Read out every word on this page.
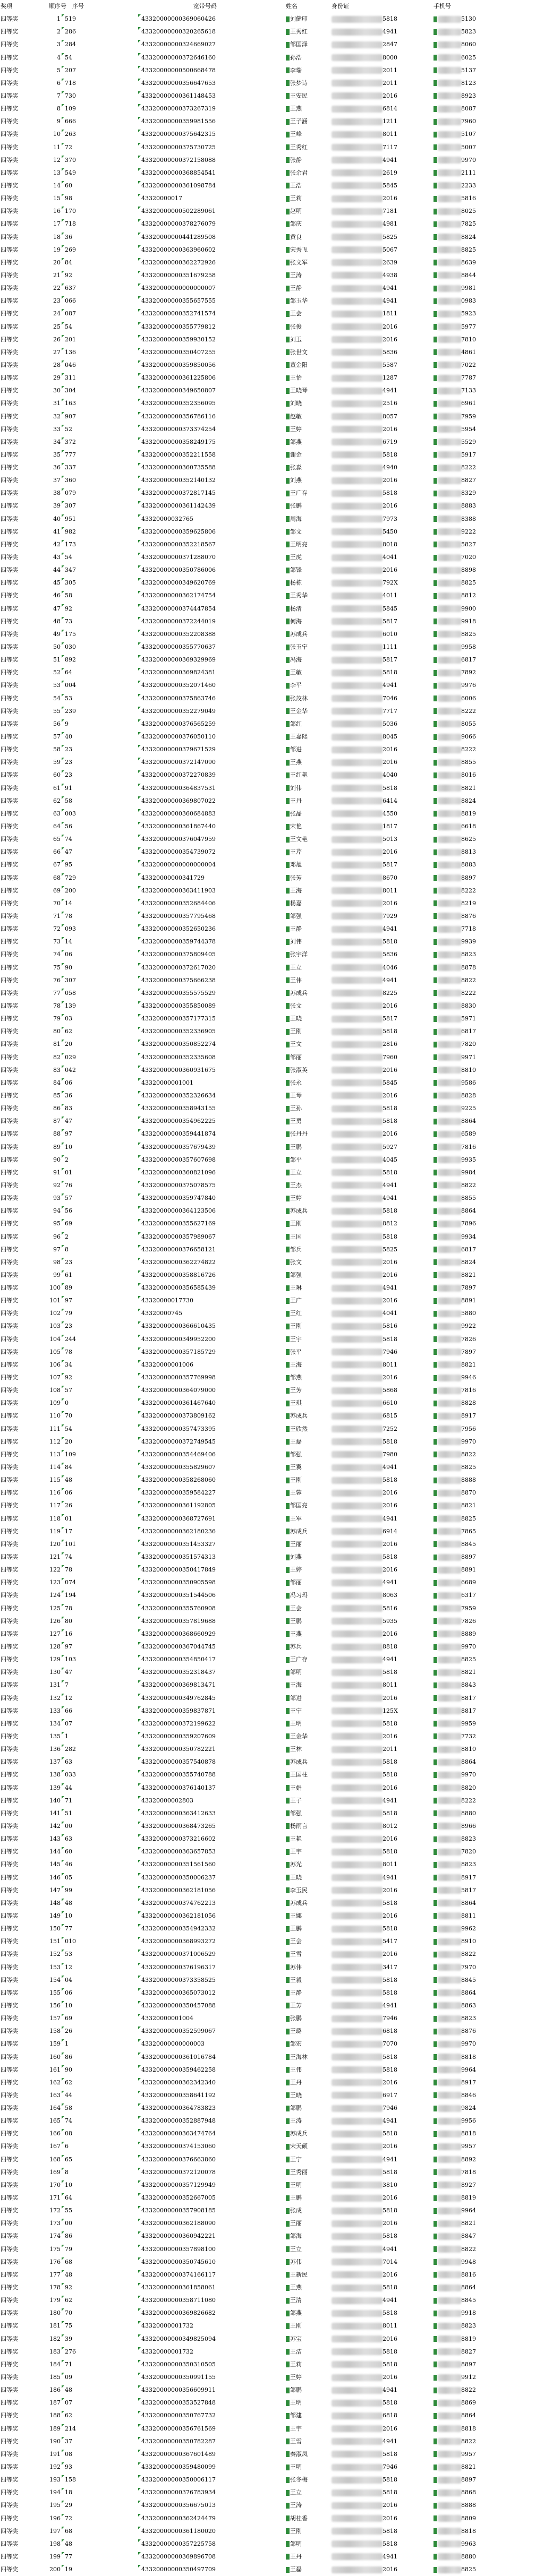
奖项	顺序号 序号	宽带号码	姓名	身份证	手机号
四等奖	1 519	43320000000369060426	刘健印	5818	5130
四等奖	2 286	43320000000320265618	王秀红	4941	5823
四等奖	3 284	43320000000324669027	邹国泽	2847	8060
四等奖	4 54	43320000000372646160	孙浩	8000	6025
四等奖	5 207	43320000000500668478	李瑞	2011	5137
四等奖	6 718	43320000000356647653	张梦诗	2011	8123
四等奖	7 730	43320000000361148453	王安民	2016	8923
四等奖	8 109	43320000000373267319	王燕	6814	8087
四等奖	9 666	43320000000359981556	王子涵	1211	7960
四等奖	10 263	43320000000375642315	王峰	8011	5107
四等奖	11 72	43320000000375730725	王秀红	7117	5007
四等奖	12 370	43320000000372158088	张静	4941	9970
四等奖	13 549	43320000000368854541	张余君	2619	2111
四等奖	14 60	43320000000361098784	王浩	5845	2233
四等奖	15 98	43320000017	王莉	2016	5816
四等奖	16 170	43320000000502289061	赵明	7181	8025
四等奖	17 718	43320000000378276079	邹庆	4981	7825
四等奖	18 36	43320000000441289508	黄良	5825	8824
四等奖	19 269	43320000000363960602	宋秀飞	5067	8825
四等奖	20 84	43320000000362272926	张文军	2639	8639
四等奖	21 92	43320000000351679258	王涛	4938	8844
四等奖	22 637	43320000000000000007	王静	4941	9981
四等奖	23 066	43320000000355657555	邹玉华	4941	0983
四等奖	24 087	43320000000352741574	王会	1811	5923
四等奖	25 54	43320000000355779812	张俊	2016	5977
四等奖	26 201	43320000000359930152	刘玉	2016	7810
四等奖	27 136	43320000000350407255	张世文	5836	4861
四等奖	28 046	43320000000359850056	董金阳	5587	7022
四等奖	29 311	43320000000361225806	王怡	1287	7787
四等奖	30 304	43320000000349650807	王晓琴	4941	7133
四等奖	31 163	43320000000352356095	刘晓	2516	6961
四等奖	32 907	43320000000356786116	赵敏	8057	7959
四等奖	33 52	43320000000373374254	王婷	2016	5954
四等奖	34 372	43320000000358249175	邹燕	6719	5529
四等奖	35 777	43320000000352211558	谢金	5818	5917
四等奖	36 337	43320000000360735588	张淼	4940	8222
四等奖	37 360	43320000000352140132	刘燕	2016	8827
四等奖	38 079	43320000000372817145	王广存	5818	8329
四等奖	39 307	43320000000361142439	张鹏	2016	8883
四等奖	40 951	43320000032765	周海	7973	8388
四等奖	41 982	43320000000359625806	邹文	5450	9222
四等奖	42 173	43320000000352218567	王明亮	8018	5827
四等奖	43 54	43320000000371288070	王虎	4041	7020
四等奖	44 347	43320000000350786006	邹锋	2016	8898
四等奖	45 305	43320000000349620769	杨栋	792X	8825
四等奖	46 58	43320000000362174754	王秀华	4011	8812
四等奖	47 92	43320000000374447854	杨清	5845	9900
四等奖	48 73	43320000000372244019	何海	5817	9918
四等奖	49 175	43320000000352208388	苏成兵	6010	8825
四等奖	50 030	43320000000355770637	张玉宁	1111	9958
四等奖	51 892	43320000000369329969	冯海	5817	6817
四等奖	52 64	43320000000369824381	王敏	5818	7892
四等奖	53 004	43320000000352071460	李平	4941	9976
四等奖	54 53	43320000000375863746	张茂林	7046	6006
四等奖	55 239	43320000000352279049	王金华	7717	8222
四等奖	56 9	43320000000376565259	邹红	5036	8055
四等奖	57 40	43320000000376050110	王嘉熙	8045	9066
四等奖	58 23	43320000000379671529	邹进	2016	8222
四等奖	59 23	43320000000372147090	王燕	2016	8855
四等奖	60 23	43320000000372270839	王红艳	4040	8016
四等奖	61 91	43320000000364837531	刘伟	5818	8821
四等奖	62 58	43320000000369807022	王丹	6414	8824
四等奖	63 003	43320000000360684883	张晶	4550	8819
四等奖	64 56	43320000000361867440	宋艳	1817	6618
四等奖	65 74	43320000000376047959	王文艳	5013	8625
四等奖	66 47	43320000000354739072	王芹	2016	8813
四等奖	67 95	43320000000000000004	邓旭	5817	8883
四等奖	68 729	43320000000341729	张芳	8670	8897
四等奖	69 200	43320000000363411903	王海	8011	8222
四等奖	70 14	43320000000352684406	杨嘉	2016	8219
四等奖	71 78	43320000000357795468	邹强	7929	8876
四等奖	72 093	43320000000352650236	王静	4941	7718
四等奖	73 14	43320000000359744378	刘伟	5818	9939
四等奖	74 06	43320000000375809405	张宇洋	5836	8823
四等奖	75 90	43320000000372617020	王立	4046	8878
四等奖	76 307	43320000000375666238	王伟	4941	8822
四等奖	77 058	43320000000355575529	苏成兵	8225	8222
四等奖	78 139	43320000000355850089	张文	2016	8830
四等奖	79 03	43320000000357177315	王晓	5817	5971
四等奖	80 62	43320000000352336905	王刚	5818	6817
四等奖	81 20	43320000000350852274	王文	2816	7820
四等奖	82 029	43320000000352335608	邹丽	7960	9971
四等奖	83 042	43320000000360931675	张淑英	2016	8810
四等奖	84 06	43320000001001	张永	5845	9586
四等奖	85 36	43320000000352326634	王琴	2016	8828
四等奖	86 83	43320000000358943155	王孙	5818	9225
四等奖	87 47	43320000000354962225	王勇	5818	8864
四等奖	88 97	43320000000359441874	张丹丹	2016	6589
四等奖	89 10	43320000000357679439	王鹏	5927	7816
四等奖	90 2	43320000000357607698	邹平	4045	9935
四等奖	91 01	43320000000360821096	王立	5818	9984
四等奖	92 76	43320000000375078575	王杰	4941	8822
四等奖	93 57	43320000000359747840	王婷	4941	8855
四等奖	94 56	43320000000364123506	苏成兵	5818	8864
四等奖	95 69	43320000000355627169	王刚	8812	7896
四等奖	96 2	43320000000357989067	王国	5818	9934
四等奖	97 8	43320000000376658121	邹兵	5825	6817
四等奖	98 23	43320000000362274822	张文	2016	8824
四等奖	99 61	43320000000358816726	邹强	2016	8821
四等奖	100 89	43320000000356585439	王琳	4941	7897
四等奖	101 97	43320000017730	王广	2016	8891
四等奖	102 79	43320000745	王红	4041	5880
四等奖	103 23	43320000000366610435	王刚	5816	9922
四等奖	104 244	43320000000349952200	王宇	5818	7826
四等奖	105 78	43320000000357185729	张平	7946	7897
四等奖	106 34	43320000001006	王海	8011	8821
四等奖	107 92	43320000000357769998	邹燕	2016	9946
四等奖	108 57	43320000000364079000	王芳	5868	7816
四等奖	109 0	43320000000361467640	王琪	6610	8828
四等奖	110 70	43320000000373809162	苏成兵	6815	8917
四等奖	111 54	43320000000357473395	王欣然	7252	7956
四等奖	112 20	43320000000372749545	王磊	5818	9970
四等奖	113 109	43320000000354469406	邹强	7980	8822
四等奖	114 84	43320000000355829607	王翼	4941	8825
四等奖	115 48	43320000000358268060	王刚	5818	8888
四等奖	116 06	43320000000359584227	王蓉	2016	8870
四等奖	117 26	43320000000361192805	邹国亮	2016	8821
四等奖	118 01	43320000000368727691	王军	4941	8825
四等奖	119 17	43320000000362180236	苏成兵	6914	7865
四等奖	120 101	43320000000351453327	王丽	2016	8845
四等奖	121 74	43320000000351574313	刘燕	5818	8897
四等奖	122 78	43320000000350417849	王婷	2016	8891
四等奖	123 074	43320000000350905598	邹丽	4941	6689
四等奖	124 194	43320000000351544506	冯习玛	8063	6317
四等奖	125 78	43320000000355760908	王会	5816	7959
四等奖	126 80	43320000000357819688	王鹏	5935	7826
四等奖	127 16	43320000000368660929	王燕	2016	8889
四等奖	128 97	43320000000367044745	苏兵	8818	9970
四等奖	129 103	43320000000354850417	王广存	4941	8825
四等奖	130 47	43320000000352318437	邹明	5818	8821
四等奖	131 7	43320000000369813471	王海	8011	8843
四等奖	132 12	43320000000349762845	邹进	2016	8817
四等奖	133 66	43320000000359837871	王宁	125X	8817
四等奖	134 07	43320000000372199622	王明	5818	9959
四等奖	135 1	43320000000359207609	王金华	2016	7732
四等奖	136 282	43320000000350782221	王林	2011	8810
四等奖	137 63	43320000000357540878	苏成兵	5818	8864
四等奖	138 033	43320000000355740788	王国柱	5818	9970
四等奖	139 44	43320000000376140137	王娟	2016	8820
四等奖	140 71	43320000002803	王子	4941	8222
四等奖	141 51	43320000000363412633	邹强	5818	8880
四等奖	142 00	43320000000368473265	杨雨言	8012	8966
四等奖	143 63	43320000000373216602	王艳	2016	8823
四等奖	144 60	43320000000363657853	王宇	5818	7820
四等奖	145 46	43320000000351561560	苏光	8011	8823
四等奖	146 05	43320000000350006237	王晓	4941	8917
四等奖	147 99	43320000000362181056	李玉民	2016	5817
四等奖	148 48	43320000000374762213	苏成兵	5818	8864
四等奖	149 10	43320000000362181056	王娜	2016	8811
四等奖	150 77	43320000000354942332	王鹏	5818	9962
四等奖	151 010	43320000000368993272	王会	5417	8910
四等奖	152 53	43320000000371006529	王雪	2016	8822
四等奖	153 12	43320000000376196317	苏伟	3417	7970
四等奖	154 04	43320000000373358525	王毅	5818	8845
四等奖	155 06	43320000000365073012	王静	5818	8864
四等奖	156 10	43320000000350457088	王芳	4941	8863
四等奖	157 69	43320000001004	张鹏	7946	8823
四等奖	158 26	43320000000352599067	王璐	6818	8876
四等奖	159 1	43320000000000003	邹宏	7070	9970
四等奖	160 86	43320000000361016784	王海林	5818	8818
四等奖	161 90	43320000000359462258	王伟	5818	9964
四等奖	162 62	43320000000362342340	王丹	2016	8917
四等奖	163 44	43320000000358641192	王晓	6917	8846
四等奖	164 58	43320000000364783823	邹鹏	7946	9824
四等奖	165 74	43320000000352887948	王涛	4941	9956
四等奖	166 08	43320000000363474764	苏成兵	5818	8818
四等奖	167 6	43320000000374153060	宋天硕	2016	9957
四等奖	168 65	43320000000376663860	王宁	4941	8892
四等奖	169 8	43320000000372120078	王秀丽	5818	7818
四等奖	170 10	43320000000357129949	王明	3810	8927
四等奖	171 64	43320000000352667005	王鹏	2016	8819
四等奖	172 55	43320000000357908185	张成	5818	9964
四等奖	173 00	43320000000362188090	王丽	2016	8821
四等奖	174 86	43320000000360942221	邹海	5818	8847
四等奖	175 79	43320000000357898100	王立	4941	8822
四等奖	176 68	43320000000350745610	苏伟	7014	9948
四等奖	177 48	43320000000374166117	王新民	2016	8816
四等奖	178 92	43320000000361858061	王燕	5818	8864
四等奖	179 62	43320000000358711080	王清	4941	8845
四等奖	180 70	43320000000369826682	邹燕	5818	9918
四等奖	181 75	43320000001732	王刚	8011	8823
四等奖	182 39	43320000000349825094	苏宝	2016	8819
四等奖	183 276	43320000001732	王洁	5818	8827
四等奖	184 71	43320000000350310505	王莉	5818	8897
四等奖	185 09	43320000000350991155	王婷	2016	9912
四等奖	186 48	43320000000356609911	邹鹏	4941	8822
四等奖	187 07	43320000000353527848	王明	5818	8869
四等奖	188 62	43320000000350767732	邹建	6818	8864
四等奖	189 214	43320000000356761569	王宇	2016	8818
四等奖	190 37	43320000000350782287	王雪	4941	8822
四等奖	191 08	43320000000367601489	秦淑凤	5818	9957
四等奖	192 93	43320000000359480099	王明	7946	8821
四等奖	193 158	43320000000350006117	张冬梅	5818	8897
四等奖	194 18	43320000000376783934	王立	5818	8868
四等奖	195 29	43320000000356675013	王涛	2016	8888
四等奖	196 72	43320000000362424479	胡桂香	2016	8809
四等奖	197 68	43320000000361180020	王刚	5818	8818
四等奖	198 48	43320000000357225758	邹明	5818	9963
四等奖	199 77	43320000000369896708	王丹	4941	8880
四等奖	200 19	43320000000350497709	王磊	2016	8825
